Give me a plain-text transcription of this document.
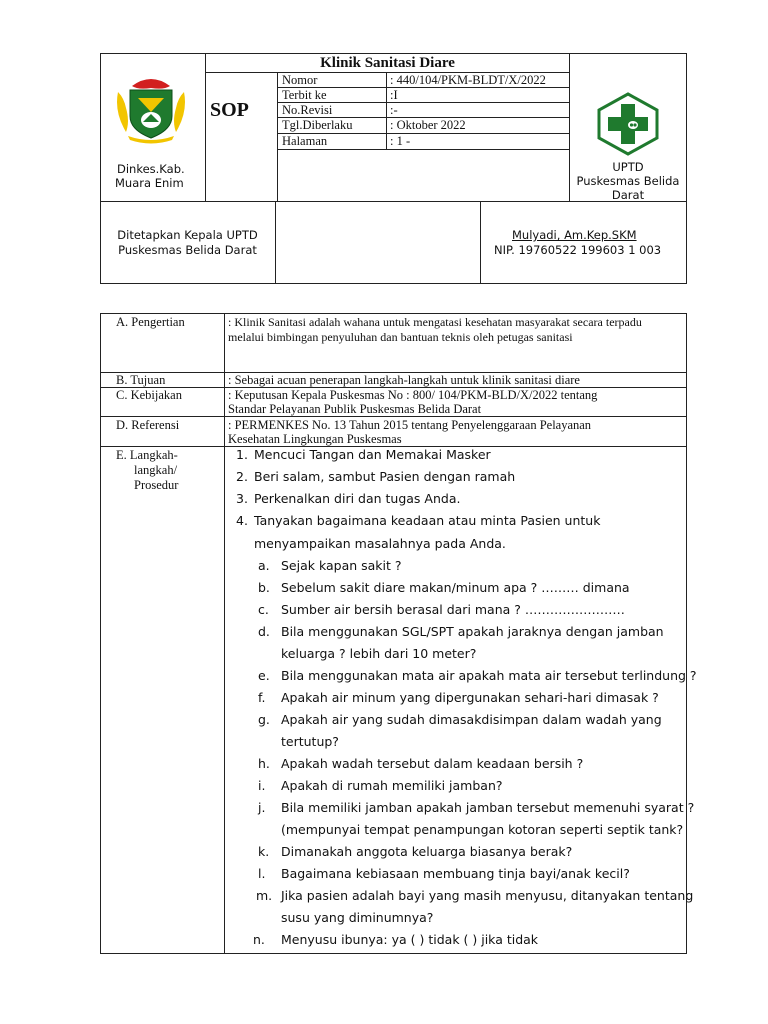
Dinkes.Kab.
Muara Enim
SOP
Klinik Sanitasi Diare
Nomor	: 440/104/PKM-BLDT/X/2022
Terbit ke	:I
No.Revisi	:-
Tgl.Diberlaku	: Oktober 2022
Halaman	: 1 -
UPTD
Puskesmas Belida
Darat
Ditetapkan Kepala UPTD
Puskesmas Belida Darat
Mulyadi, Am.Kep.SKM
NIP. 19760522 199603 1 003
A. Pengertian	: Klinik Sanitasi adalah wahana untuk mengatasi kesehatan masyarakat secara terpadu melalui bimbingan penyuluhan dan bantuan teknis oleh petugas sanitasi
B. Tujuan	: Sebagai acuan penerapan langkah-langkah untuk klinik sanitasi diare
C. Kebijakan	: Keputusan Kepala Puskesmas No : 800/ 104/PKM-BLD/X/2022 tentang
Standar Pelayanan Publik Puskesmas Belida Darat
D. Referensi	: PERMENKES No. 13 Tahun 2015 tentang Penyelenggaraan Pelayanan
Kesehatan Lingkungan Puskesmas
E. Langkah-
langkah/
Prosedur
1. Mencuci Tangan dan Memakai Masker
2. Beri salam, sambut Pasien dengan ramah
3. Perkenalkan diri dan tugas Anda.
4. Tanyakan bagaimana keadaan atau minta Pasien untuk
menyampaikan masalahnya pada Anda.
a. Sejak kapan sakit ?
b. Sebelum sakit diare makan/minum apa ? ……… dimana
c. Sumber air bersih berasal dari mana ? ……………………
d. Bila menggunakan SGL/SPT apakah jaraknya dengan jamban
keluarga ? lebih dari 10 meter?
e. Bila menggunakan mata air apakah mata air tersebut terlindung ?
f. Apakah air minum yang dipergunakan sehari-hari dimasak ?
g. Apakah air yang sudah dimasakdisimpan dalam wadah yang
tertutup?
h. Apakah wadah tersebut dalam keadaan bersih ?
i. Apakah di rumah memiliki jamban?
j. Bila memiliki jamban apakah jamban tersebut memenuhi syarat ?
(mempunyai tempat penampungan kotoran seperti septik tank?
k. Dimanakah anggota keluarga biasanya berak?
l. Bagaimana kebiasaan membuang tinja bayi/anak kecil?
m. Jika pasien adalah bayi yang masih menyusu, ditanyakan tentang
susu yang diminumnya?
n. Menyusu ibunya: ya ( ) tidak ( ) jika tidak
